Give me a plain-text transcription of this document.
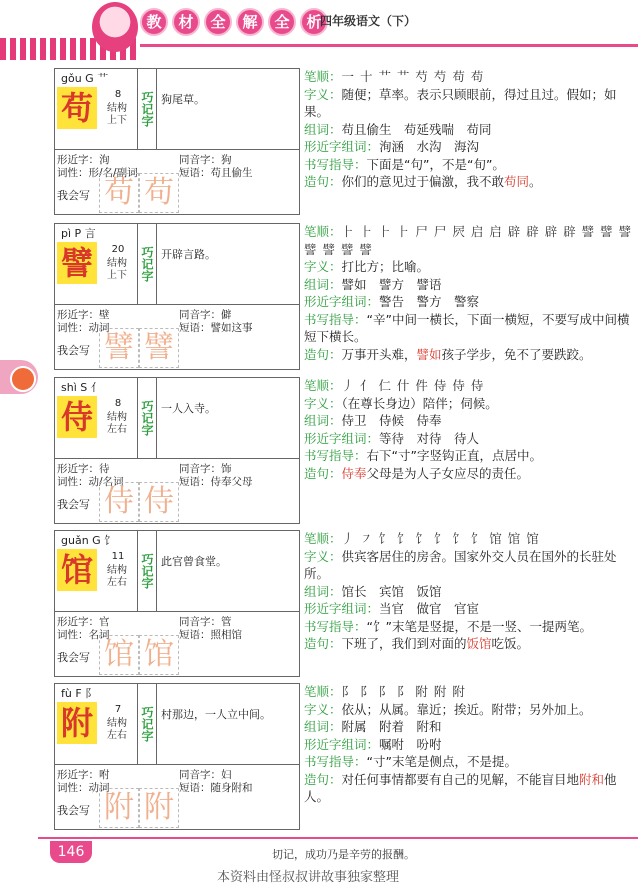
教	材	全	解	全	析
四年级语文（下）
gǒu G 艹
苟	8
结构
上下	巧记字 狗尾草。
形近字：洵	同音字：狗
词性：形/名/副词	短语：苟且偷生
我会写 苟 苟
笔顺：一 十 艹 艹 芍 芍 苟 苟
字义：随便；草率。表示只顾眼前，得过且过。假如；如果。
组词：苟且偷生　苟延残喘　苟同
形近字组词：洵涵　水沟　海沟
书写指导：下面是“句”，不是“旬”。
造句：你们的意见过于偏激，我不敢苟同。
pì P 言
譬	20
结构
上下	巧记字 开辟言路。
形近字：壁	同音字：僻
词性：动词	短语：譬如这事
我会写 譬 譬
笔顺：⺊ ⺊ ⺊ ⺊ 尸 尸 屄 启 启 辟 辟 辟 辟 譬 譬 譬 譬 譬 譬 譬
字义：打比方；比喻。
组词：譬如　譬方　譬语
形近字组词：警告　警方　警察
书写指导：“辛”中间一横长，下面一横短，不要写成中间横短下横长。
造句：万事开头难，譬如孩子学步，免不了要跌跤。
shì S 亻
侍	8
结构
左右	巧记字 一人入寺。
形近字：待	同音字：饰
词性：动/名词	短语：侍奉父母
我会写 侍 侍
笔顺：丿 亻 仁 什 件 侍 侍 侍
字义：（在尊长身边）陪伴；伺候。
组词：侍卫　侍候　侍奉
形近字组词：等待　对待　待人
书写指导：右下“寸”字竖钩正直，点居中。
造句：侍奉父母是为人子女应尽的责任。
guǎn G 饣
馆	11
结构
左右	巧记字 此官曾食堂。
形近字：官	同音字：管
词性：名词	短语：照相馆
我会写 馆 馆
笔顺：丿 ㇇ 饣 饣 饣 饣 饣 饣 馆 馆 馆
字义：供宾客居住的房舍。国家外交人员在国外的长驻处所。
组词：馆长　宾馆　饭馆
形近字组词：当官　做官　官宦
书写指导：“饣”末笔是竖提，不是一竖、一提两笔。
造句：下班了，我们到对面的饭馆吃饭。
fù F 阝
附	7
结构
左右	巧记字 村那边，一人立中间。
形近字：咐	同音字：妇
词性：动词	短语：随身附和
我会写 附 附
笔顺：阝 阝 阝 阝 附 附 附
字义：依从；从属。靠近；挨近。附带；另外加上。
组词：附属　附着　附和
形近字组词：嘱咐　吩咐
书写指导：“寸”末笔是侧点，不是提。
造句：对任何事情都要有自己的见解，不能盲目地附和他人。
146	切记，成功乃是辛劳的报酬。
本资料由怪叔叔讲故事独家整理
